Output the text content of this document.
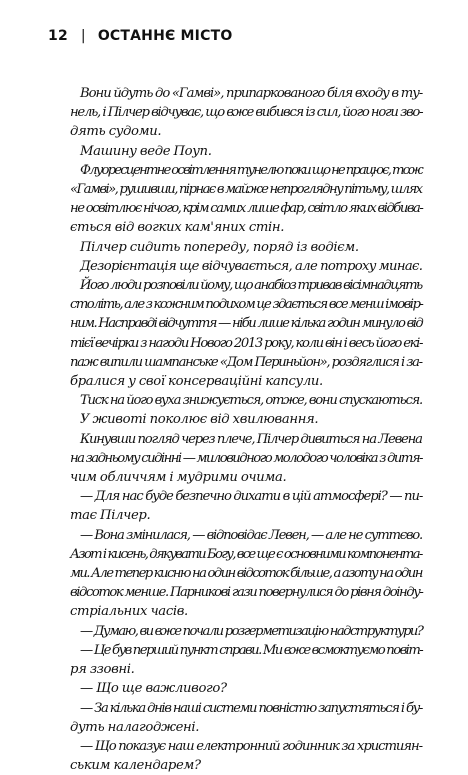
12 | ОСТАННЄ МІСТО
Вони йдуть до «Гамві», припаркованого біля входу в ту-
нель, і Пілчер відчуває, що вже вибився із сил, його ноги зво-
дять судоми.
Машину веде Поуп.
Флуоресцентне освітлення тунелю поки що не працює, тож
«Гамві», рушивши, пірнає в майже непроглядну пітьму, шлях
не освітлює нічого, крім самих лише фар, світло яких відбива-
ється від вогких кам'яних стін.
Пілчер сидить попереду, поряд із водієм.
Дезорієнтація ще відчувається, але потроху минає.
Його люди розповіли йому, що анабіоз тривав вісімнадцять
століть, але з кожним подихом це здається все менш імовір-
ним. Насправді відчуття — ніби лише кілька годин минуло від
тієї вечірки з нагоди Нового 2013 року, коли він і весь його екі-
паж випили шампанське «Дом Периньйон», роздяглися і за-
бралися у свої консерваційні капсули.
Тиск на його вуха знижується, отже, вони спускаються.
У животі поколює від хвилювання.
Кинувши погляд через плече, Пілчер дивиться на Левена
на задньому сидінні — миловидного молодого чоловіка з дитя-
чим обличчям і мудрими очима.
— Для нас буде безпечно дихати в цій атмосфері? — пи-
тає Пілчер.
— Вона змінилася, — відповідає Левен, — але не суттєво.
Азот і кисень, дякувати Богу, все ще є основними компонента-
ми. Але тепер кисню на один відсоток більше, а азоту на один
відсоток менше. Парникові гази повернулися до рівня доінду-
стріальних часів.
— Думаю, ви вже почали розгерметизацію надструктури?
— Це був перший пункт справи. Ми вже всмоктуємо повіт-
ря ззовні.
— Що ще важливого?
— За кілька днів наші системи повністю запустяться і бу-
дуть налагоджені.
— Що показує наш електронний годинник за християн-
ським календарем?
